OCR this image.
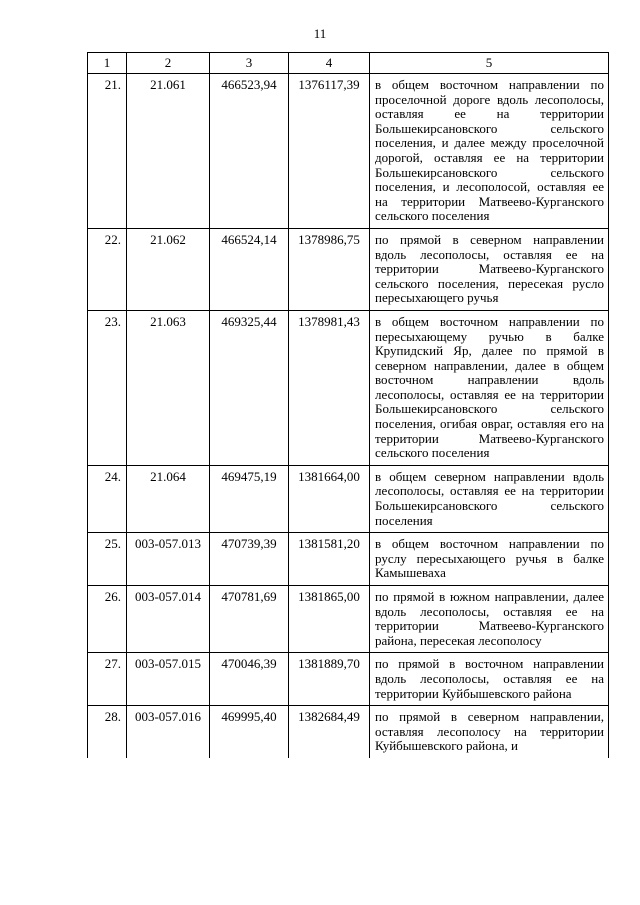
11
1	2	3	4	5
21.	21.061	466523,94	1376117,39	в общем восточном направлении по проселочной дороге вдоль лесополосы, оставляя ее на территории Большекирсановского сельского поселения, и далее между проселочной дорогой, оставляя ее на территории Большекирсановского сельского поселения, и лесополосой, оставляя ее на территории Матвеево-Курганского сельского поселения
22.	21.062	466524,14	1378986,75	по прямой в северном направлении вдоль лесополосы, оставляя ее на территории Матвеево-Курганского сельского поселения, пересекая русло пересыхающего ручья
23.	21.063	469325,44	1378981,43	в общем восточном направлении по пересыхающему ручью в балке Крупидский Яр, далее по прямой в северном направлении, далее в общем восточном направлении вдоль лесополосы, оставляя ее на территории Большекирсановского сельского поселения, огибая овраг, оставляя его на территории Матвеево-Курганского сельского поселения
24.	21.064	469475,19	1381664,00	в общем северном направлении вдоль лесополосы, оставляя ее на территории Большекирсановского сельского поселения
25.	003-057.013	470739,39	1381581,20	в общем восточном направлении по руслу пересыхающего ручья в балке Камышеваха
26.	003-057.014	470781,69	1381865,00	по прямой в южном направлении, далее вдоль лесополосы, оставляя ее на территории Матвеево-Курганского района, пересекая лесополосу
27.	003-057.015	470046,39	1381889,70	по прямой в восточном направлении вдоль лесополосы, оставляя ее на территории Куйбышевского района
28.	003-057.016	469995,40	1382684,49	по прямой в северном направлении, оставляя лесополосу на территории Куйбышевского района, и
